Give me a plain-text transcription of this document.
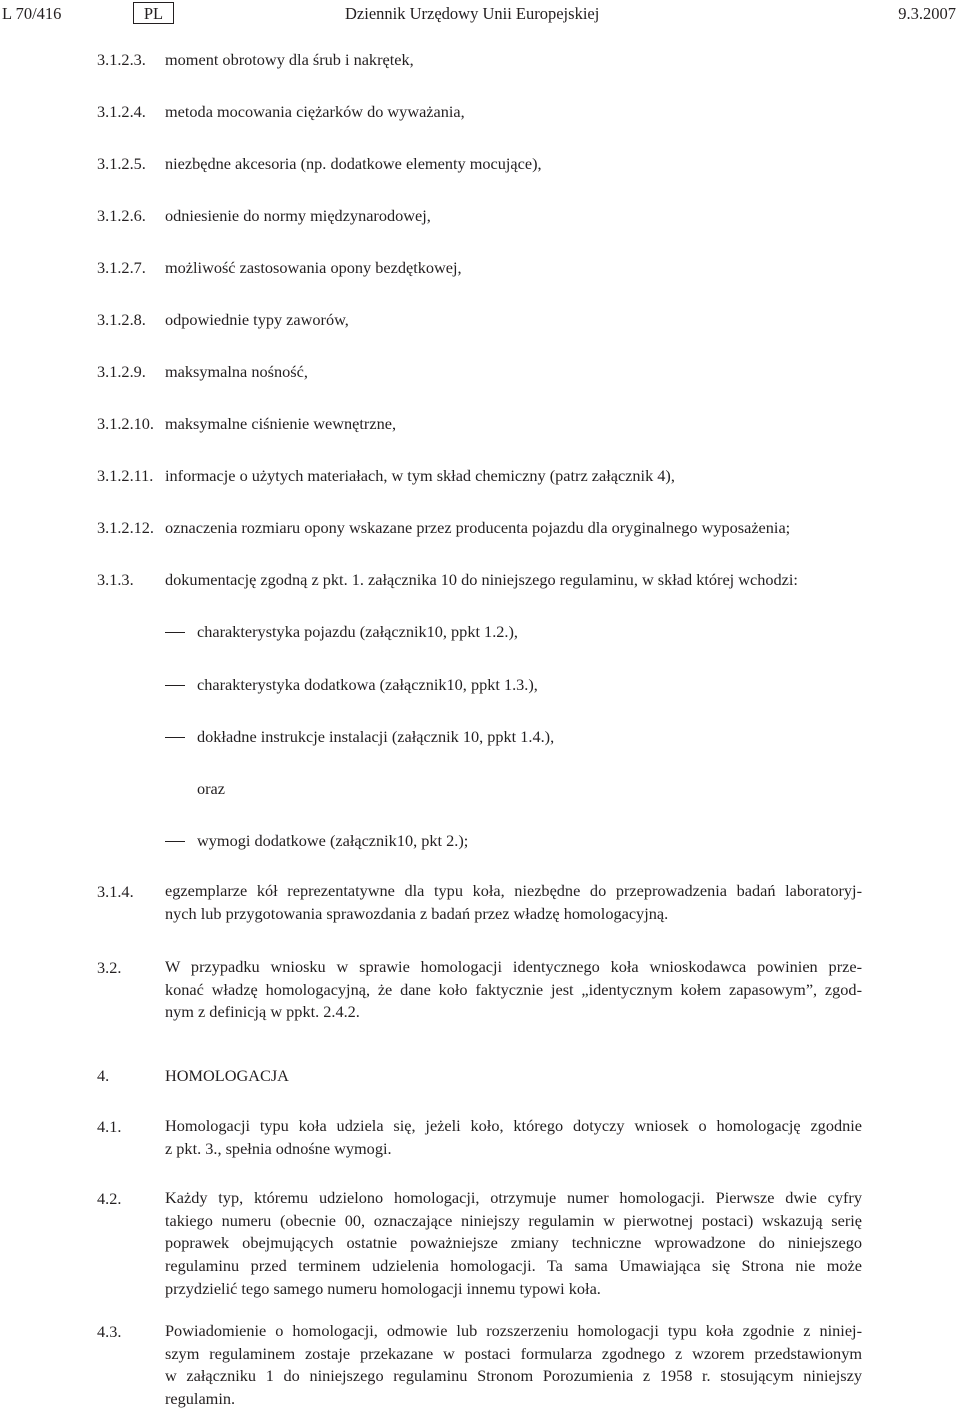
L 70/416	PL	Dziennik Urzędowy Unii Europejskiej	9.3.2007
3.1.2.3. moment obrotowy dla śrub i nakrętek,
3.1.2.4. metoda mocowania ciężarków do wyważania,
3.1.2.5. niezbędne akcesoria (np. dodatkowe elementy mocujące),
3.1.2.6. odniesienie do normy międzynarodowej,
3.1.2.7. możliwość zastosowania opony bezdętkowej,
3.1.2.8. odpowiednie typy zaworów,
3.1.2.9. maksymalna nośność,
3.1.2.10. maksymalne ciśnienie wewnętrzne,
3.1.2.11. informacje o użytych materiałach, w tym skład chemiczny (patrz załącznik 4),
3.1.2.12. oznaczenia rozmiaru opony wskazane przez producenta pojazdu dla oryginalnego wyposażenia;
3.1.3. dokumentację zgodną z pkt. 1. załącznika 10 do niniejszego regulaminu, w skład której wchodzi:
charakterystyka pojazdu (załącznik10, ppkt 1.2.),
charakterystyka dodatkowa (załącznik10, ppkt 1.3.),
dokładne instrukcje instalacji (załącznik 10, ppkt 1.4.),
oraz
wymogi dodatkowe (załącznik10, pkt 2.);
3.1.4. egzemplarze kół reprezentatywne dla typu koła, niezbędne do przeprowadzenia badań laboratoryj-
nych lub przygotowania sprawozdania z badań przez władzę homologacyjną.
3.2.	W przypadku wniosku w sprawie homologacji identycznego koła wnioskodawca powinien prze-
konać władzę homologacyjną, że dane koło faktycznie jest „identycznym kołem zapasowym”, zgod-
nym z definicją w ppkt. 2.4.2.
4.	HOMOLOGACJA
4.1.	Homologacji typu koła udziela się, jeżeli koło, którego dotyczy wniosek o homologację zgodnie
z pkt. 3., spełnia odnośne wymogi.
4.2.	Każdy typ, któremu udzielono homologacji, otrzymuje numer homologacji. Pierwsze dwie cyfry
takiego numeru (obecnie 00, oznaczające niniejszy regulamin w pierwotnej postaci) wskazują serię
poprawek obejmujących ostatnie poważniejsze zmiany techniczne wprowadzone do niniejszego
regulaminu przed terminem udzielenia homologacji. Ta sama Umawiająca się Strona nie może
przydzielić tego samego numeru homologacji innemu typowi koła.
4.3.	Powiadomienie o homologacji, odmowie lub rozszerzeniu homologacji typu koła zgodnie z niniej-
szym regulaminem zostaje przekazane w postaci formularza zgodnego z wzorem przedstawionym
w załączniku 1 do niniejszego regulaminu Stronom Porozumienia z 1958 r. stosującym niniejszy
regulamin.
